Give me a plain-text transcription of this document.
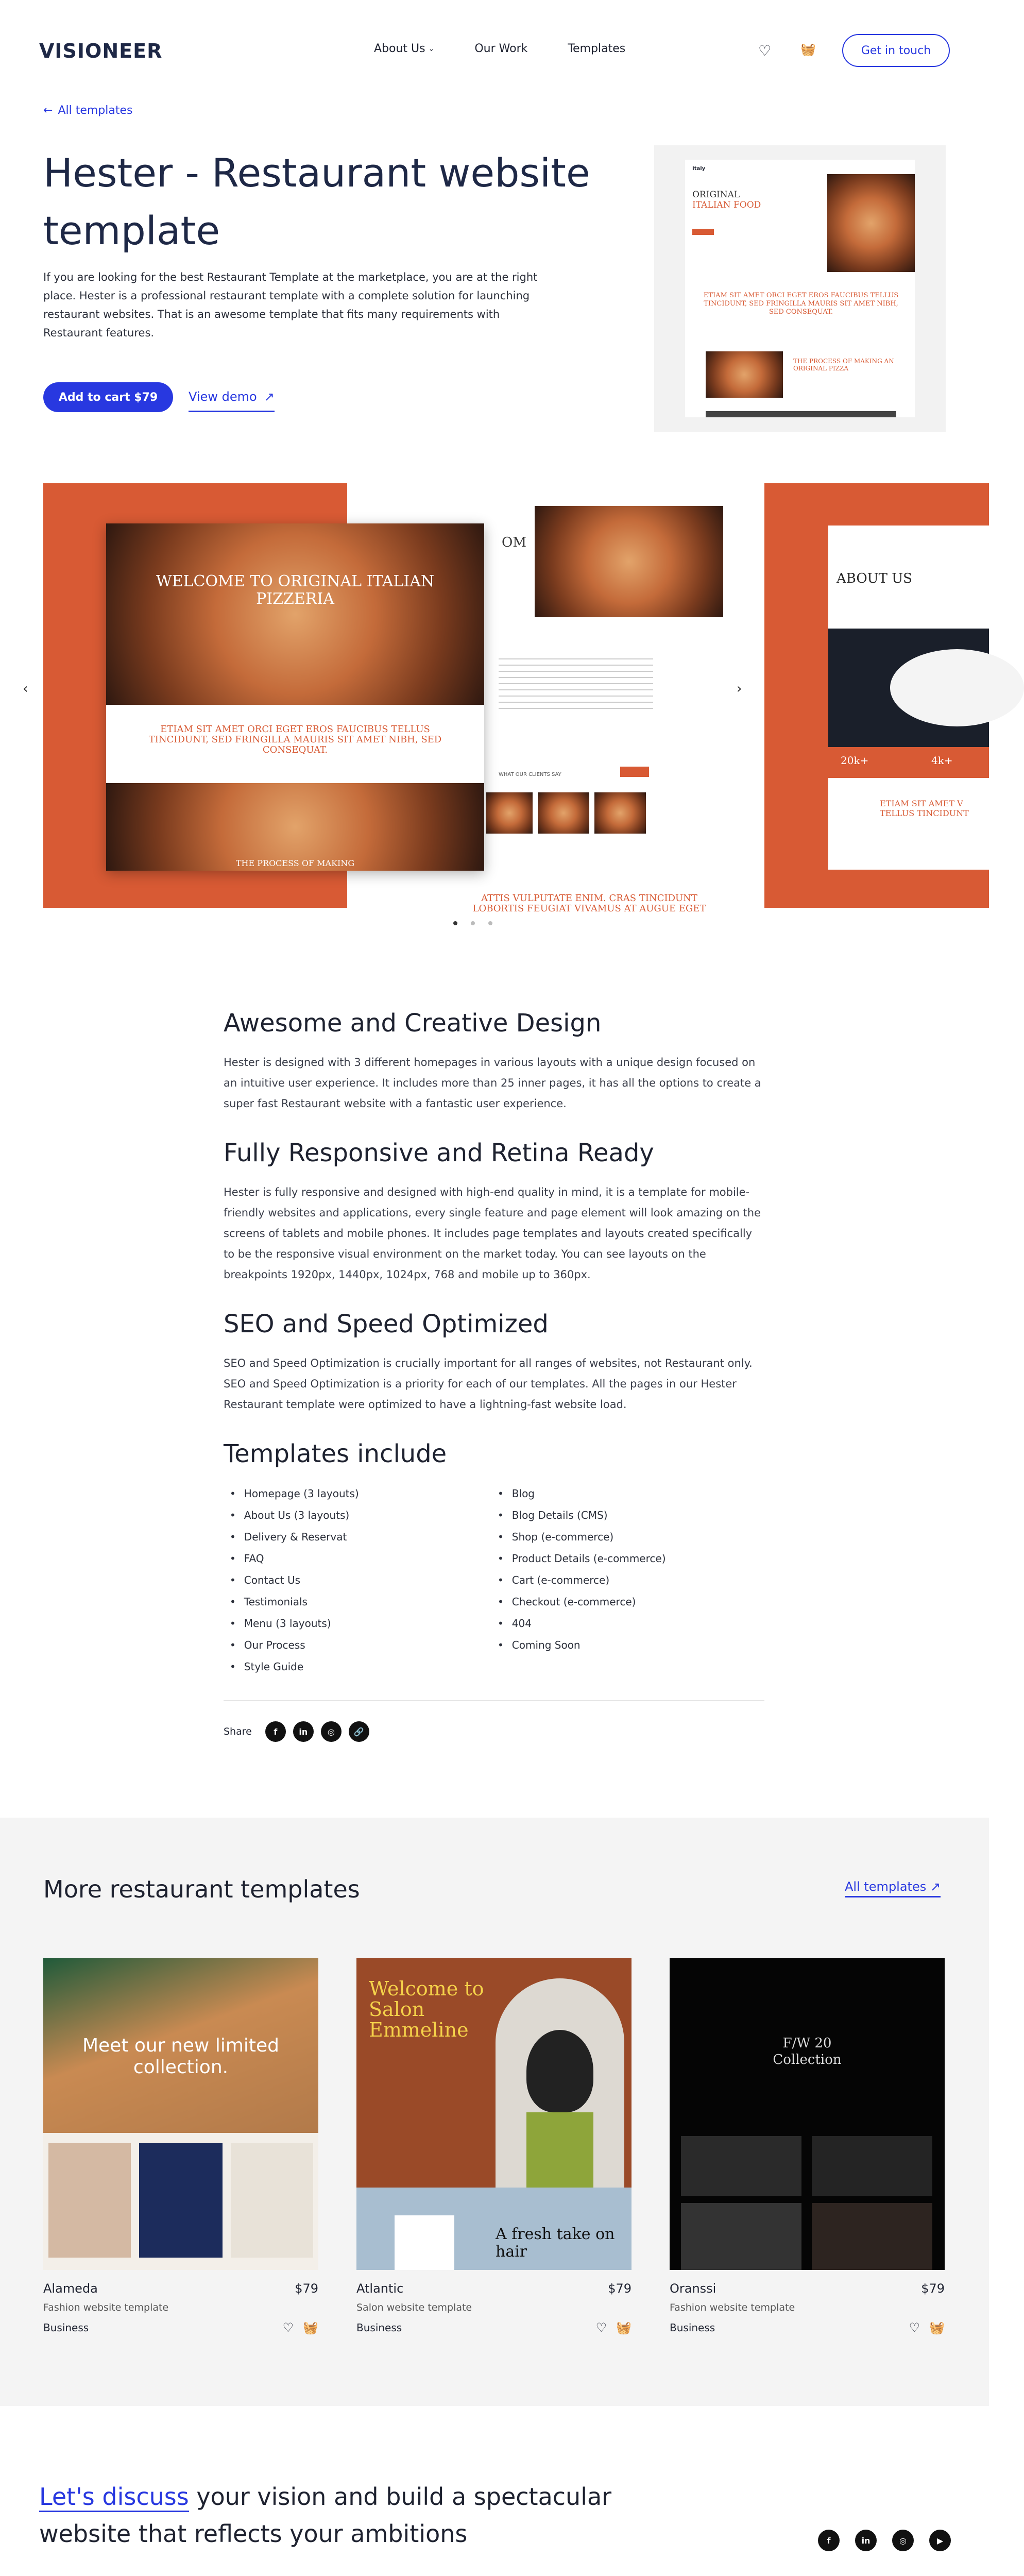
VISIONEER	About Us ⌄	Our Work	Templates	♡ 🧺	Get in touch
← All templates
Hester - Restaurant website template

If you are looking for the best Restaurant Template at the marketplace, you are at the right place. Hester is a professional restaurant template with a complete solution for launching restaurant websites. That is an awesome template that fits many requirements with Restaurant features.

Add to cart $79	View demo ↗
Italy
ORIGINAL
ITALIAN FOOD
ETIAM SIT AMET ORCI EGET EROS FAUCIBUS TELLUS TINCIDUNT, SED FRINGILLA MAURIS SIT AMET NIBH, SED CONSEQUAT.
THE PROCESS OF MAKING AN ORIGINAL PIZZA
OM
WHAT OUR CLIENTS SAY
ATTIS VULPUTATE ENIM. CRAS TINCIDUNT LOBORTIS FEUGIAT VIVAMUS AT AUGUE EGET
WELCOME TO ORIGINAL ITALIAN PIZZERIA
ETIAM SIT AMET ORCI EGET EROS FAUCIBUS TELLUS TINCIDUNT, SED FRINGILLA MAURIS SIT AMET NIBH, SED CONSEQUAT.
THE PROCESS OF MAKING
ABOUT US
20k+	4k+
ETIAM SIT AMET V TELLUS TINCIDUNT
‹	›
Awesome and Creative Design

Hester is designed with 3 different homepages in various layouts with a unique design focused on an intuitive user experience. It includes more than 25 inner pages, it has all the options to create a super fast Restaurant website with a fantastic user experience.

Fully Responsive and Retina Ready

Hester is fully responsive and designed with high-end quality in mind, it is a template for mobile-friendly websites and applications, every single feature and page element will look amazing on the screens of tablets and mobile phones. It includes page templates and layouts created specifically to be the responsive visual environment on the market today. You can see layouts on the breakpoints 1920px, 1440px, 1024px, 768 and mobile up to 360px.

SEO and Speed Optimized

SEO and Speed Optimization is crucially important for all ranges of websites, not Restaurant only. SEO and Speed Optimization is a priority for each of our templates. All the pages in our Hester Restaurant template were optimized to have a lightning-fast website load.

Templates include
• Homepage (3 layouts)
• About Us (3 layouts)
• Delivery & Reservat
• FAQ
• Contact Us
• Testimonials
• Menu (3 layouts)
• Our Process
• Style Guide
• Blog
• Blog Details (CMS)
• Shop (e-commerce)
• Product Details (e-commerce)
• Cart (e-commerce)
• Checkout (e-commerce)
• 404
• Coming Soon
Share	f	in	◎	🔗
More restaurant templates	All templates ↗
Meet our new limited collection.
Alameda	$79
Fashion website template
Business	♡ 🧺
Welcome to Salon Emmeline
A fresh take on hair
Atlantic	$79
Salon website template
Business	♡ 🧺
F/W 20 Collection
Oranssi	$79
Fashion website template
Business	♡ 🧺
Let's discuss your vision and build a spectacular website that reflects your ambitions	f	in	◎	▶
